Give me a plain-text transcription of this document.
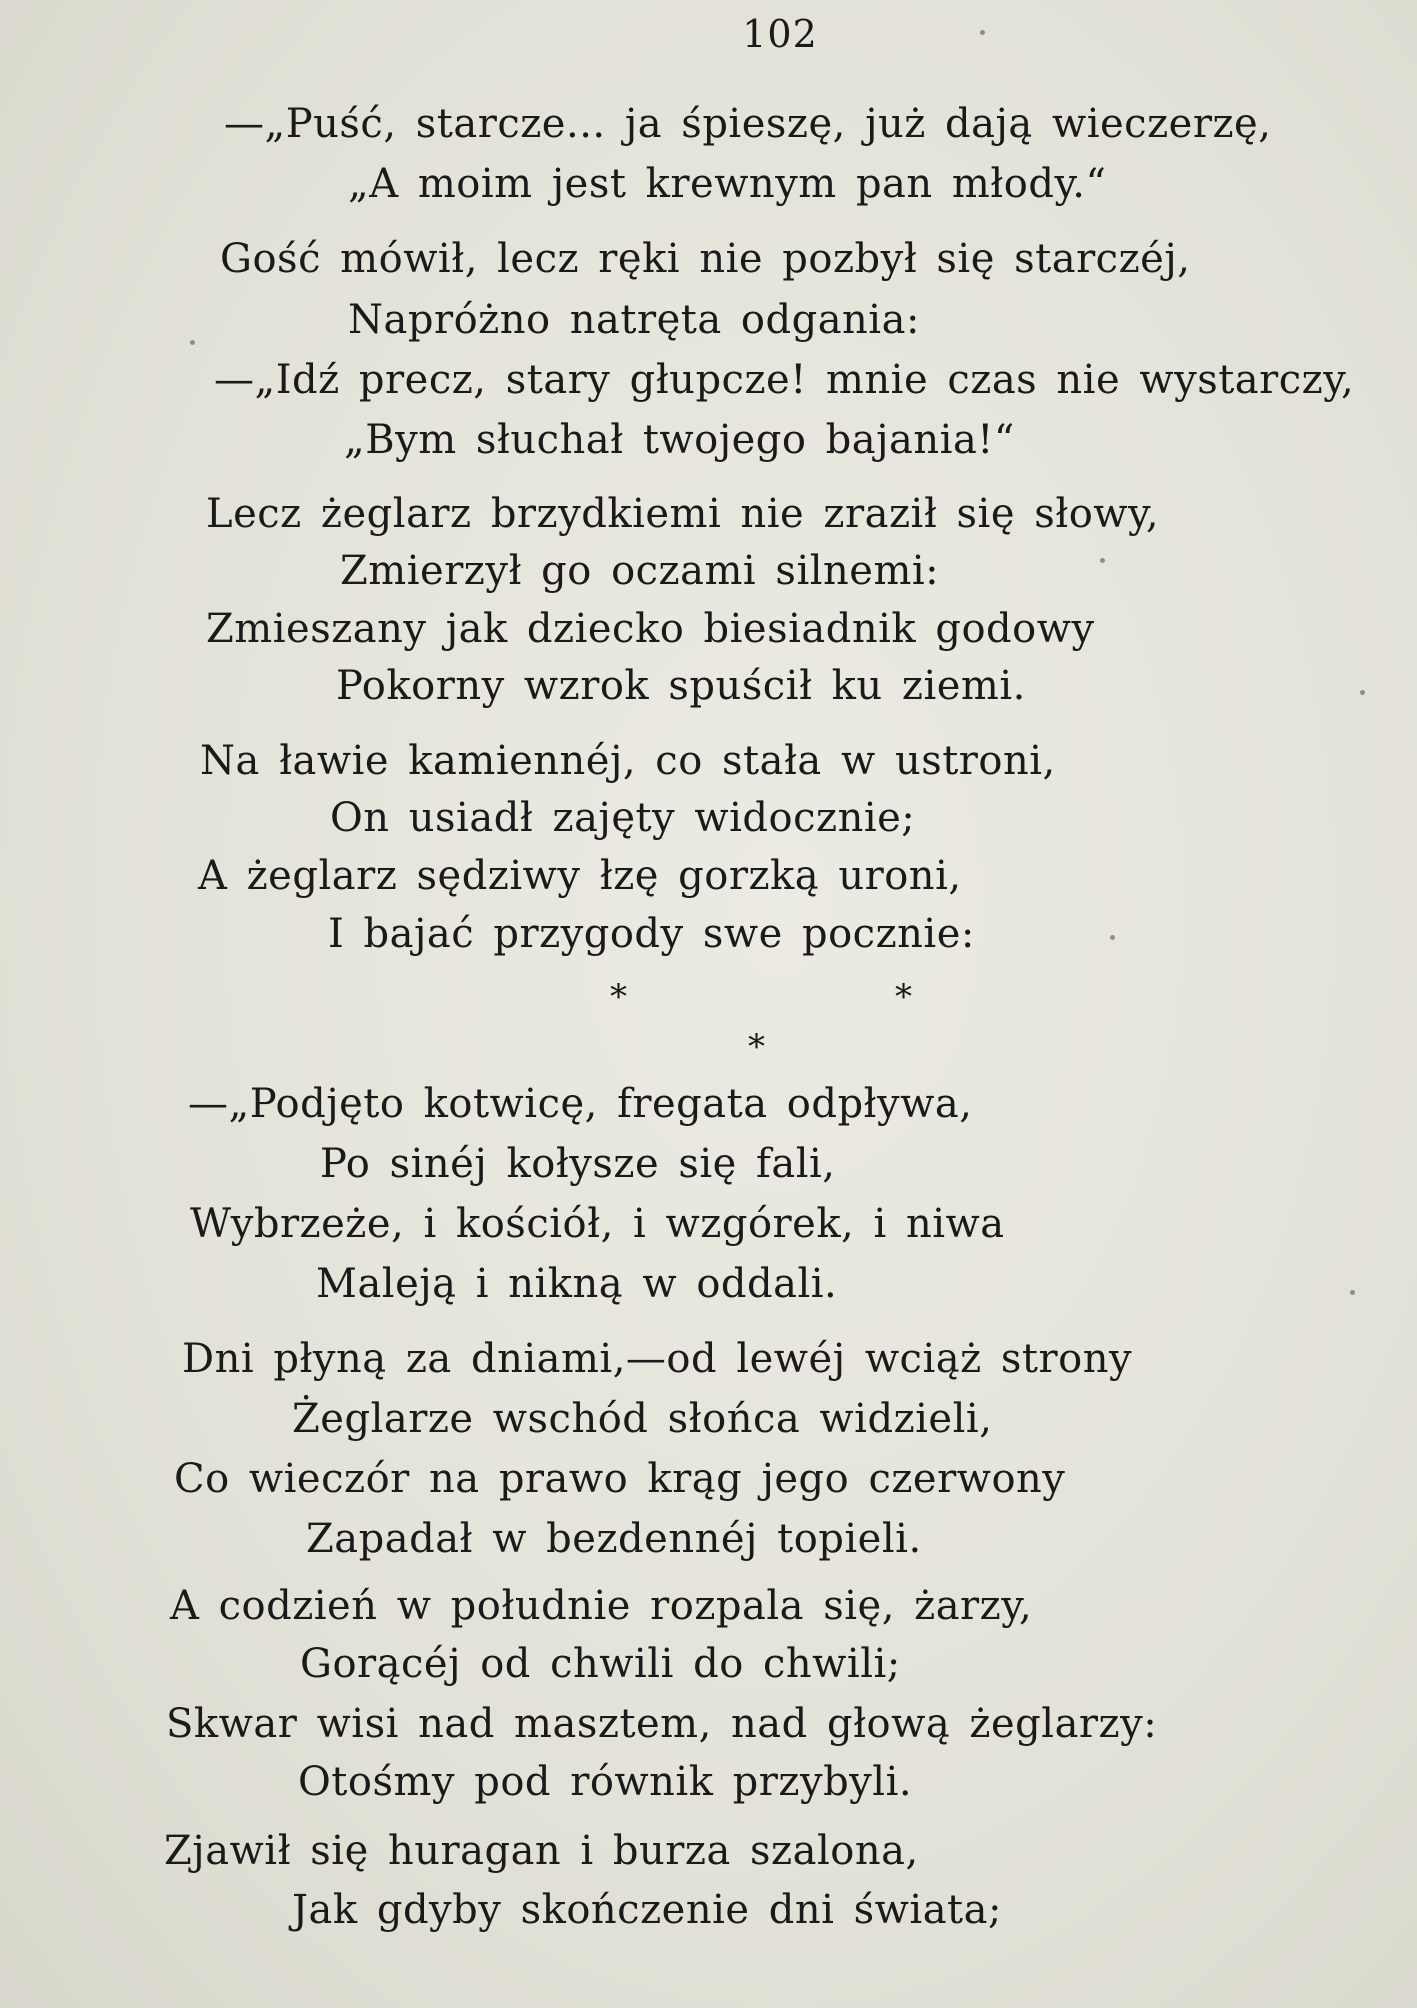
102
—„Puść, starcze... ja śpieszę, już dają wieczerzę,
„A moim jest krewnym pan młody.“
Gość mówił, lecz ręki nie pozbył się starczéj,
Napróżno natręta odgania:
—„Idź precz, stary głupcze! mnie czas nie wystarczy,
„Bym słuchał twojego bajania!“
Lecz żeglarz brzydkiemi nie zraził się słowy,
Zmierzył go oczami silnemi:
Zmieszany jak dziecko biesiadnik godowy
Pokorny wzrok spuścił ku ziemi.
Na ławie kamiennéj, co stała w ustroni,
On usiadł zajęty widocznie;
A żeglarz sędziwy łzę gorzką uroni,
I bajać przygody swe pocznie:
*	*
*
—„Podjęto kotwicę, fregata odpływa,
Po sinéj kołysze się fali,
Wybrzeże, i kościół, i wzgórek, i niwa
Maleją i nikną w oddali.
Dni płyną za dniami,—od lewéj wciąż strony
Żeglarze wschód słońca widzieli,
Co wieczór na prawo krąg jego czerwony
Zapadał w bezdennéj topieli.
A codzień w południe rozpala się, żarzy,
Gorącéj od chwili do chwili;
Skwar wisi nad masztem, nad głową żeglarzy:
Otośmy pod równik przybyli.
Zjawił się huragan i burza szalona,
Jak gdyby skończenie dni świata;
